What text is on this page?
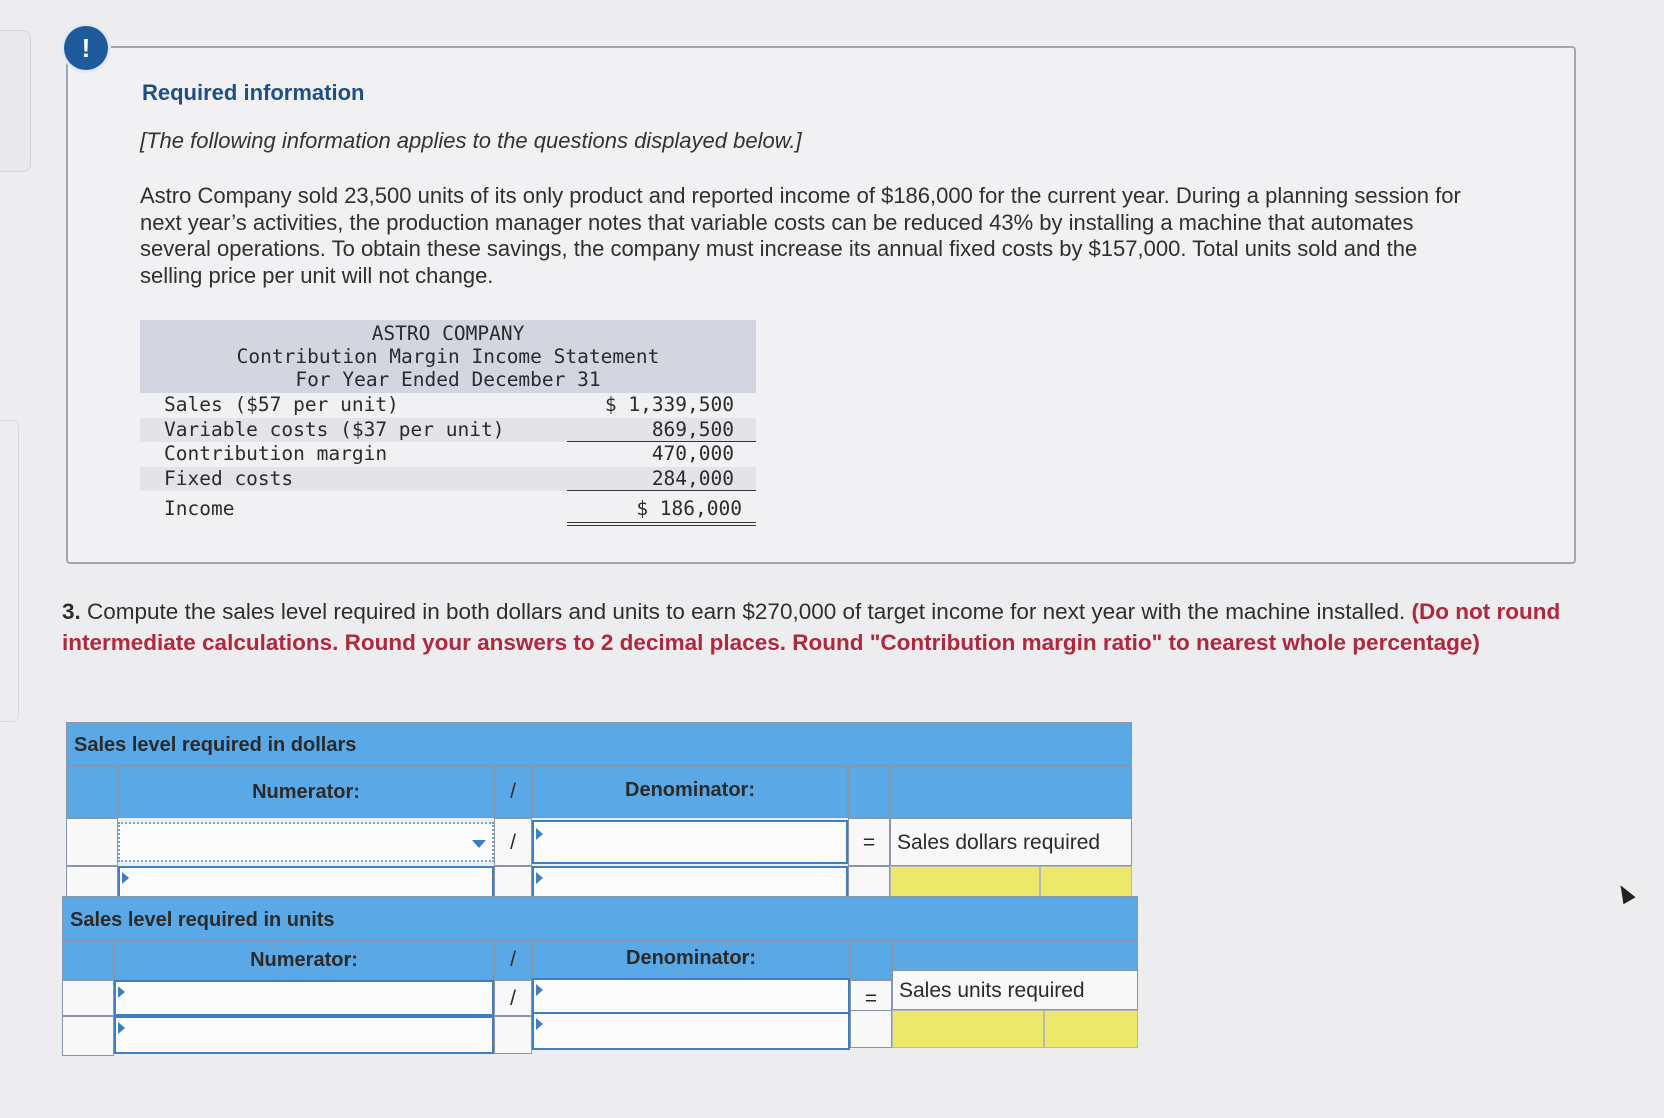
!
Required information
[The following information applies to the questions displayed below.]
Astro Company sold 23,500 units of its only product and reported income of $186,000 for the current year. During a planning session for next year’s activities, the production manager notes that variable costs can be reduced 43% by installing a machine that automates several operations. To obtain these savings, the company must increase its annual fixed costs by $157,000. Total units sold and the selling price per unit will not change.
ASTRO COMPANY
Contribution Margin Income Statement
For Year Ended December 31
Sales ($57 per unit)	$ 1,339,500
Variable costs ($37 per unit)	869,500
Contribution margin	470,000
Fixed costs	284,000
Income	$ 186,000
3. Compute the sales level required in both dollars and units to earn $270,000 of target income for next year with the machine installed. (Do not round intermediate calculations. Round your answers to 2 decimal places. Round "Contribution margin ratio" to nearest whole percentage)
Sales level required in dollars
Numerator:	/	Denominator:
/	=	Sales dollars required
Sales level required in units
Numerator:	/	Denominator:
/	=	Sales units required
